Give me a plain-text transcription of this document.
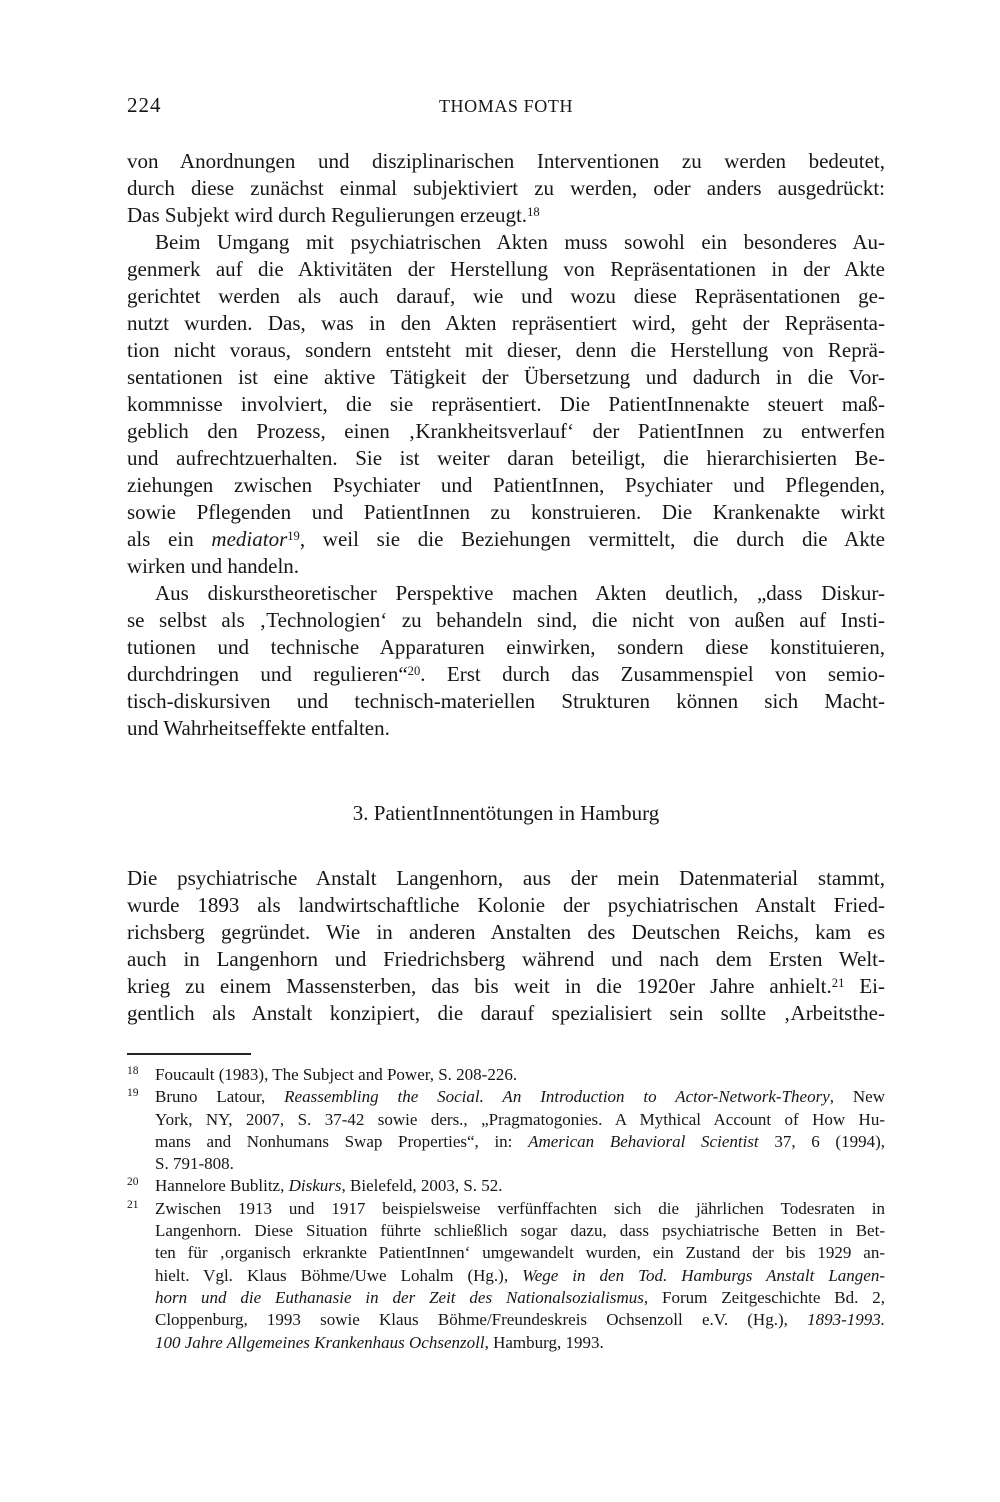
224	THOMAS FOTH
von Anordnungen und disziplinarischen Interventionen zu werden bedeutet,
durch diese zunächst einmal subjektiviert zu werden, oder anders ausgedrückt:
Das Subjekt wird durch Regulierungen erzeugt.$^{18}$
Beim Umgang mit psychiatrischen Akten muss sowohl ein besonderes Au-
genmerk auf die Aktivitäten der Herstellung von Repräsentationen in der Akte
gerichtet werden als auch darauf, wie und wozu diese Repräsentationen ge-
nutzt wurden. Das, was in den Akten repräsentiert wird, geht der Repräsenta-
tion nicht voraus, sondern entsteht mit dieser, denn die Herstellung von Reprä-
sentationen ist eine aktive Tätigkeit der Übersetzung und dadurch in die Vor-
kommnisse involviert, die sie repräsentiert. Die PatientInnenakte steuert maß-
geblich den Prozess, einen ‚Krankheitsverlauf‘ der PatientInnen zu entwerfen
und aufrechtzuerhalten. Sie ist weiter daran beteiligt, die hierarchisierten Be-
ziehungen zwischen Psychiater und PatientInnen, Psychiater und Pflegenden,
sowie Pflegenden und PatientInnen zu konstruieren. Die Krankenakte wirkt
als ein mediator$^{19}$, weil sie die Beziehungen vermittelt, die durch die Akte
wirken und handeln.
Aus diskurstheoretischer Perspektive machen Akten deutlich, „dass Diskur-
se selbst als ‚Technologien‘ zu behandeln sind, die nicht von außen auf Insti-
tutionen und technische Apparaturen einwirken, sondern diese konstituieren,
durchdringen und regulieren“$^{20}$. Erst durch das Zusammenspiel von semio-
tisch-diskursiven und technisch-materiellen Strukturen können sich Macht-
und Wahrheitseffekte entfalten.
3. PatientInnentötungen in Hamburg
Die psychiatrische Anstalt Langenhorn, aus der mein Datenmaterial stammt,
wurde 1893 als landwirtschaftliche Kolonie der psychiatrischen Anstalt Fried-
richsberg gegründet. Wie in anderen Anstalten des Deutschen Reichs, kam es
auch in Langenhorn und Friedrichsberg während und nach dem Ersten Welt-
krieg zu einem Massensterben, das bis weit in die 1920er Jahre anhielt.$^{21}$ Ei-
gentlich als Anstalt konzipiert, die darauf spezialisiert sein sollte ‚Arbeitsthe-
18 Foucault (1983), The Subject and Power, S. 208-226.
19 Bruno Latour, Reassembling the Social. An Introduction to Actor-Network-Theory, New
York, NY, 2007, S. 37-42 sowie ders., „Pragmatogonies. A Mythical Account of How Hu-
mans and Nonhumans Swap Properties“, in: American Behavioral Scientist 37, 6 (1994),
S. 791-808.
20 Hannelore Bublitz, Diskurs, Bielefeld, 2003, S. 52.
21 Zwischen 1913 und 1917 beispielsweise verfünffachten sich die jährlichen Todesraten in
Langenhorn. Diese Situation führte schließlich sogar dazu, dass psychiatrische Betten in Bet-
ten für ‚organisch erkrankte PatientInnen‘ umgewandelt wurden, ein Zustand der bis 1929 an-
hielt. Vgl. Klaus Böhme/Uwe Lohalm (Hg.), Wege in den Tod. Hamburgs Anstalt Langen-
horn und die Euthanasie in der Zeit des Nationalsozialismus, Forum Zeitgeschichte Bd. 2,
Cloppenburg, 1993 sowie Klaus Böhme/Freundeskreis Ochsenzoll e.V. (Hg.), 1893-1993.
100 Jahre Allgemeines Krankenhaus Ochsenzoll, Hamburg, 1993.
